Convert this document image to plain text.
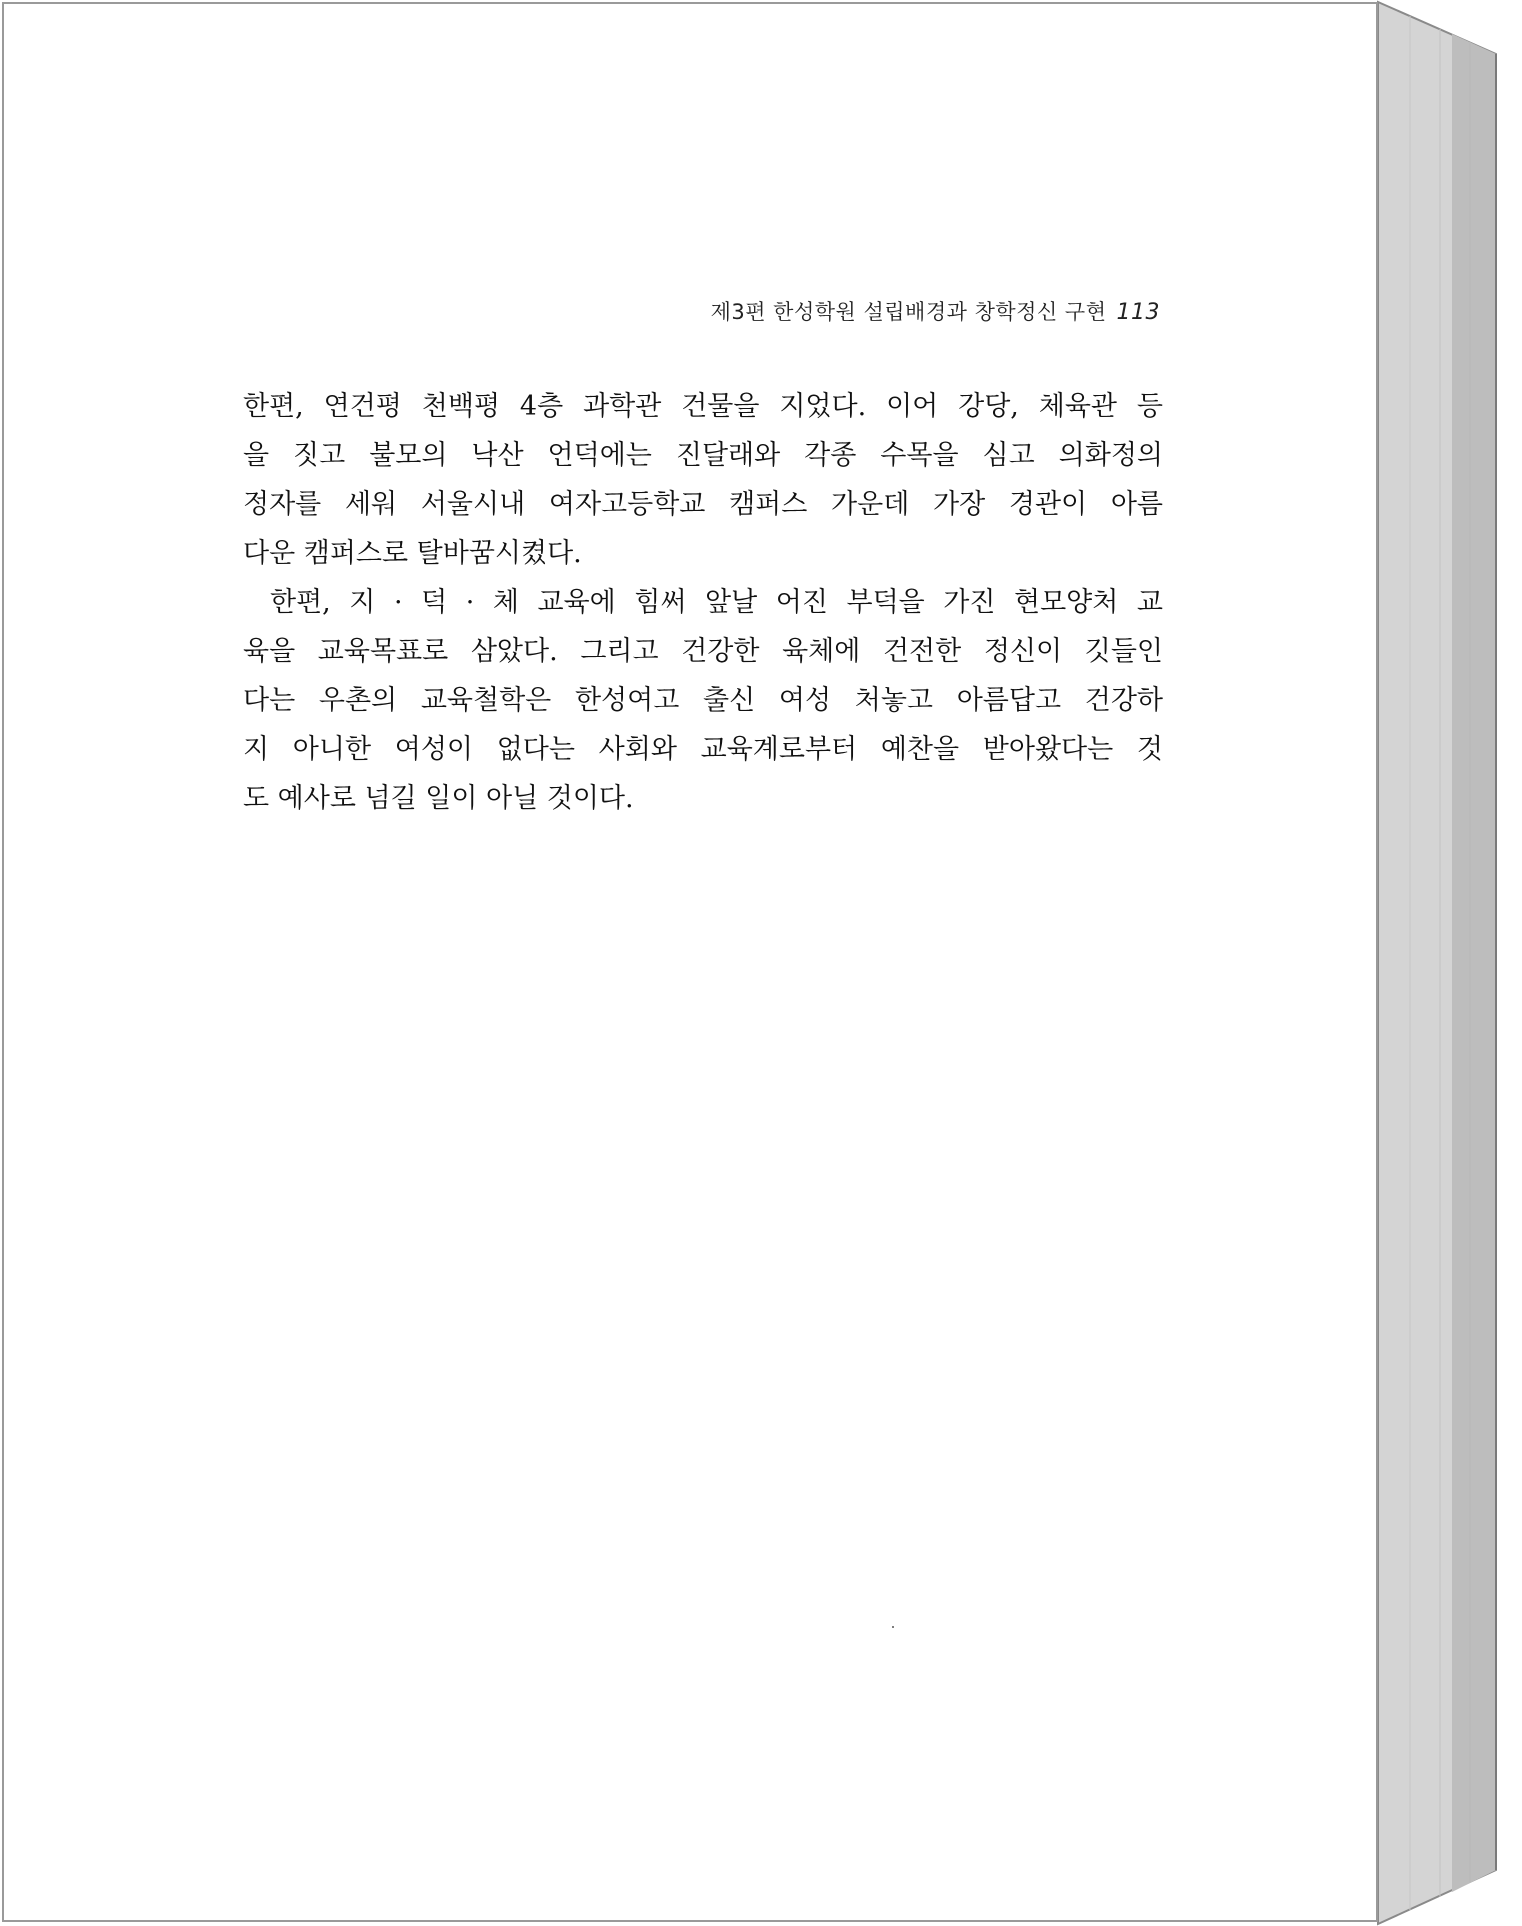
제3편 한성학원 설립배경과 창학정신 구현 113
한편, 연건평 천백평 4층 과학관 건물을 지었다. 이어 강당, 체육관 등
을 짓고 불모의 낙산 언덕에는 진달래와 각종 수목을 심고 의화정의
정자를 세워 서울시내 여자고등학교 캠퍼스 가운데 가장 경관이 아름
다운 캠퍼스로 탈바꿈시켰다.
한편, 지 · 덕 · 체 교육에 힘써 앞날 어진 부덕을 가진 현모양처 교
육을 교육목표로 삼았다. 그리고 건강한 육체에 건전한 정신이 깃들인
다는 우촌의 교육철학은 한성여고 출신 여성 처놓고 아름답고 건강하
지 아니한 여성이 없다는 사회와 교육계로부터 예찬을 받아왔다는 것
도 예사로 넘길 일이 아닐 것이다.
